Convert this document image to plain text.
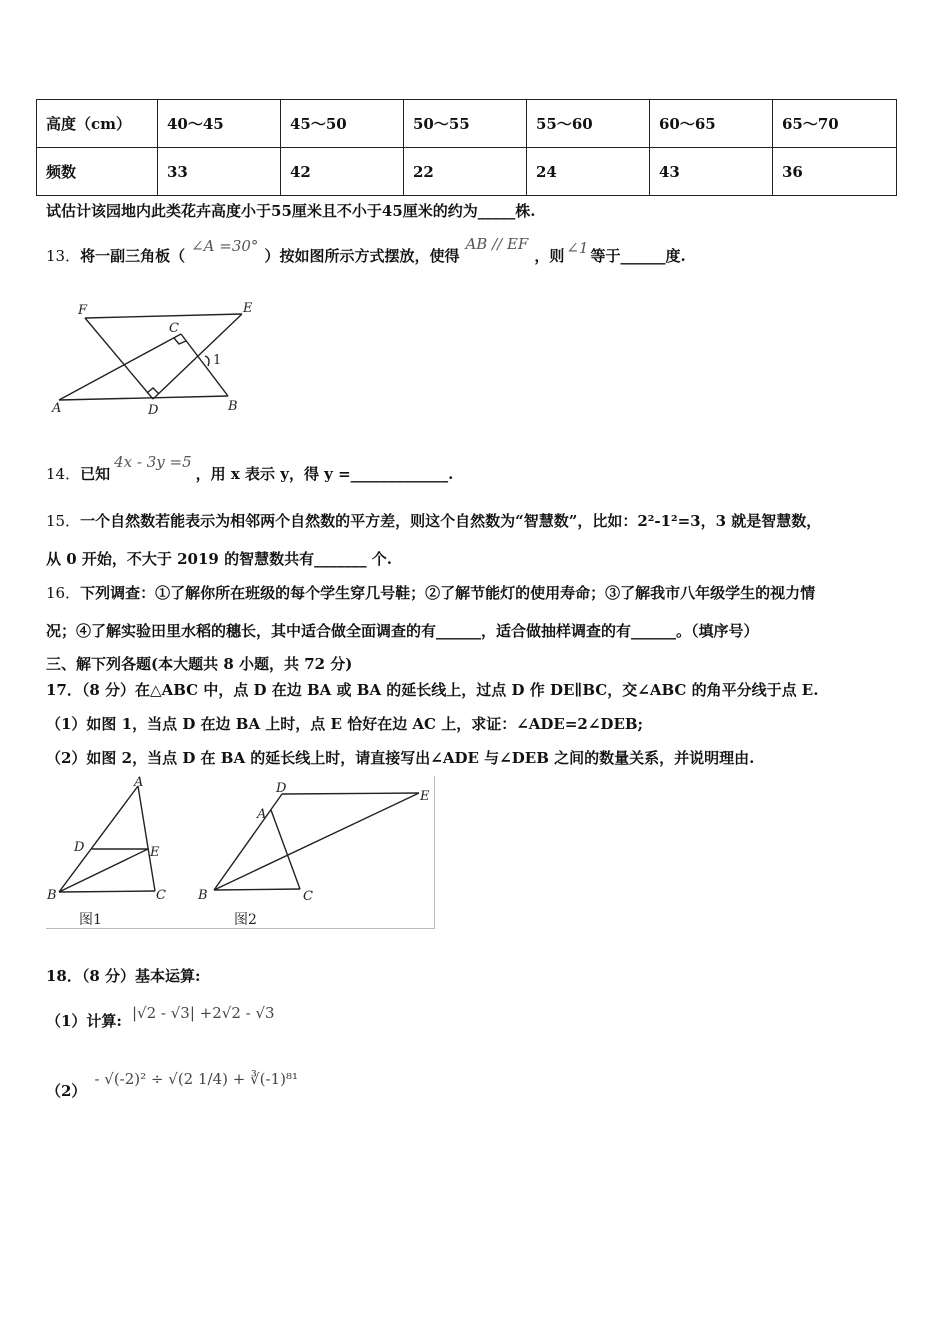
高度（cm）	40～45	45～50	50～55	55～60	60～65	65～70
频数	33	42	22	24	43	36
试估计该园地内此类花卉高度小于55厘米且不小于45厘米的约为_____株.
13．将一副三角板（∠A =30°）按如图所示方式摆放，使得AB // EF，则 ∠1 等于______度.
F	E
C
1
A	D	B
14．已知4x - 3y =5，用 x 表示 y，得 y =_____________.
15．一个自然数若能表示为相邻两个自然数的平方差，则这个自然数为“智慧数”，比如：2²-1²=3，3 就是智慧数，
从 0 开始，不大于 2019 的智慧数共有_______ 个.
16．下列调查：①了解你所在班级的每个学生穿几号鞋；②了解节能灯的使用寿命；③了解我市八年级学生的视力情
况；④了解实验田里水稻的穗长，其中适合做全面调查的有______，适合做抽样调查的有______。（填序号）
三、解下列各题(本大题共 8 小题，共 72 分)
17．（8 分）在△ABC 中，点 D 在边 BA 或 BA 的延长线上，过点 D 作 DE∥BC，交∠ABC 的角平分线于点 E.
（1）如图 1，当点 D 在边 BA 上时，点 E 恰好在边 AC 上，求证：∠ADE=2∠DEB;
（2）如图 2，当点 D 在 BA 的延长线上时，请直接写出∠ADE 与∠DEB 之间的数量关系，并说明理由.
A
D	E
B	C
D
E
A
B	C
图1	图2
18．（8 分）基本运算:
（1）计算: |√2 - √3| +2√2 - √3
（2）- √(-2)² ÷ √(2 1/4) + ∛(-1)⁸¹
